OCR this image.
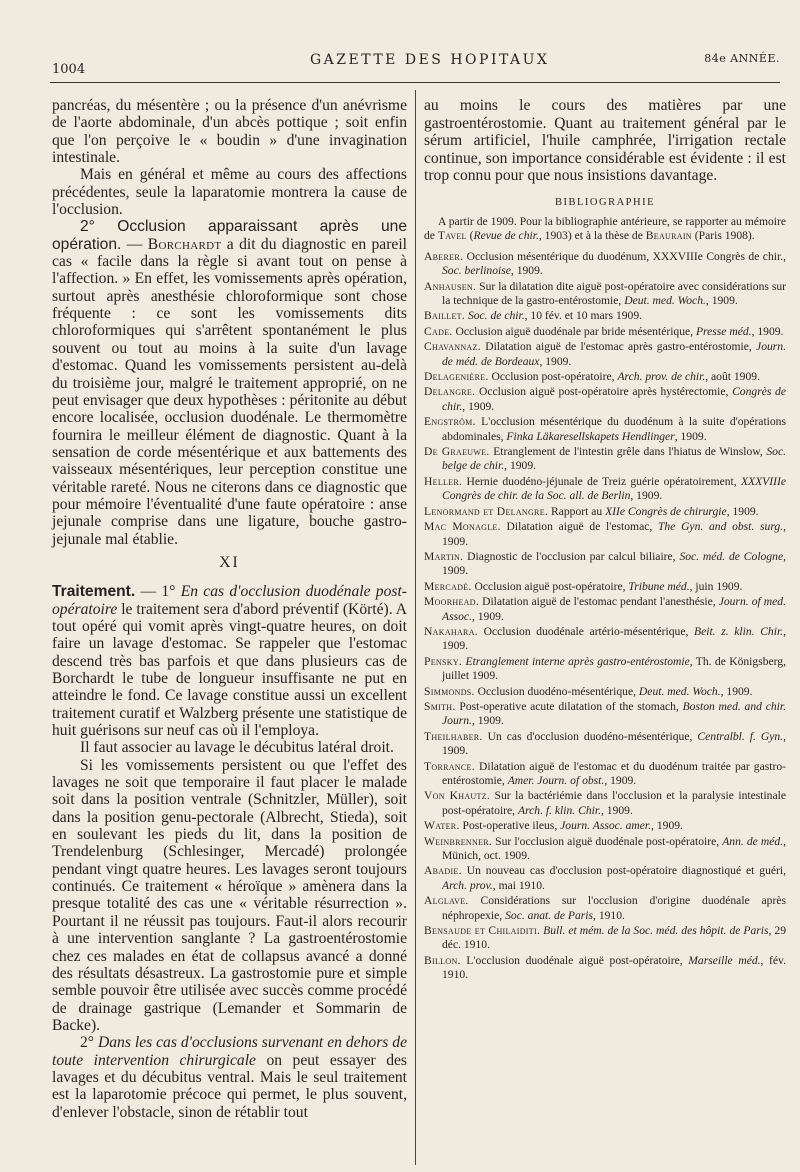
1004
GAZETTE DES HOPITAUX	84e ANNÉE.

pancréas, du mésentère ; ou la présence d'un anévrisme de l'aorte abdominale, d'un abcès pottique ; soit enfin que l'on perçoive le « boudin » d'une invagination intestinale.

Mais en général et même au cours des affections précédentes, seule la laparatomie montrera la cause de l'occlusion.

2° Occlusion apparaissant après une opération. — Borchardt a dit du diagnostic en pareil cas « facile dans la règle si avant tout on pense à l'affection. » En effet, les vomissements après opération, surtout après anesthésie chloroformique sont chose fréquente : ce sont les vomissements dits chloroformiques qui s'arrêtent spontanément le plus souvent ou tout au moins à la suite d'un lavage d'estomac. Quand les vomissements persistent au-delà du troisième jour, malgré le traitement approprié, on ne peut envisager que deux hypothèses : péritonite au début encore localisée, occlusion duodénale. Le thermomètre fournira le meilleur élément de diagnostic. Quant à la sensation de corde mésentérique et aux battements des vaisseaux mésentériques, leur perception constitue une véritable rareté. Nous ne citerons dans ce diagnostic que pour mémoire l'éventualité d'une faute opératoire : anse jejunale comprise dans une ligature, bouche gastro-jejunale mal établie.

XI

Traitement. — 1° En cas d'occlusion duodénale post-opératoire le traitement sera d'abord préventif (Körté). A tout opéré qui vomit après vingt-quatre heures, on doit faire un lavage d'estomac. Se rappeler que l'estomac descend très bas parfois et que dans plusieurs cas de Borchardt le tube de longueur insuffisante ne put en atteindre le fond. Ce lavage constitue aussi un excellent traitement curatif et Walzberg présente une statistique de huit guérisons sur neuf cas où il l'employa.

Il faut associer au lavage le décubitus latéral droit.

Si les vomissements persistent ou que l'effet des lavages ne soit que temporaire il faut placer le malade soit dans la position ventrale (Schnitzler, Müller), soit dans la position genu-pectorale (Albrecht, Stieda), soit en soulevant les pieds du lit, dans la position de Trendelenburg (Schlesinger, Mercadé) prolongée pendant vingt quatre heures. Les lavages seront toujours continués. Ce traitement « héroïque » amènera dans la presque totalité des cas une « véritable résurrection ». Pourtant il ne réussit pas toujours. Faut-il alors recourir à une intervention sanglante ? La gastroentérostomie chez ces malades en état de collapsus avancé a donné des résultats désastreux. La gastrostomie pure et simple semble pouvoir être utilisée avec succès comme procédé de drainage gastrique (Lemander et Sommarin de Backe).

2° Dans les cas d'occlusions survenant en dehors de toute intervention chirurgicale on peut essayer des lavages et du décubitus ventral. Mais le seul traitement est la laparotomie précoce qui permet, le plus souvent, d'enlever l'obstacle, sinon de rétablir tout

au moins le cours des matières par une gastroentérostomie. Quant au traitement général par le sérum artificiel, l'huile camphrée, l'irrigation rectale continue, son importance considérable est évidente : il est trop connu pour que nous insistions davantage.

BIBLIOGRAPHIE

A partir de 1909. Pour la bibliographie antérieure, se rapporter au mémoire de Tavel (Revue de chir., 1903) et à la thèse de Beaurain (Paris 1908).

Aberer. Occlusion mésentérique du duodénum, XXXVIIIe Congrès de chir., Soc. berlinoise, 1909.
Anhausen. Sur la dilatation dite aiguë post-opératoire avec considérations sur la technique de la gastro-entérostomie, Deut. med. Woch., 1909.
Baillet. Soc. de chir., 10 fév. et 10 mars 1909.
Cade. Occlusion aiguë duodénale par bride mésentérique, Presse méd., 1909.
Chavannaz. Dilatation aiguë de l'estomac après gastro-entérostomie, Journ. de méd. de Bordeaux, 1909.
Delagenière. Occlusion post-opératoire, Arch. prov. de chir., août 1909.
Delangre. Occlusion aiguë post-opératoire après hystérectomie, Congrès de chir., 1909.
Engström. L'occlusion mésentérique du duodénum à la suite d'opérations abdominales, Finka Läkaresellskapets Hendlinger, 1909.
De Graeuwe. Etranglement de l'intestin grêle dans l'hiatus de Winslow, Soc. belge de chir., 1909.
Heller. Hernie duodéno-jéjunale de Treiz guérie opératoirement, XXXVIIIe Congrès de chir. de la Soc. all. de Berlin, 1909.
Lenormand et Delangre. Rapport au XIIe Congrès de chirurgie, 1909.
Mac Monagle. Dilatation aiguë de l'estomac, The Gyn. and obst. surg., 1909.
Martin. Diagnostic de l'occlusion par calcul biliaire, Soc. méd. de Cologne, 1909.
Mercadé. Occlusion aiguë post-opératoire, Tribune méd., juin 1909.
Moorhead. Dilatation aiguë de l'estomac pendant l'anesthésie, Journ. of med. Assoc., 1909.
Nakahara. Occlusion duodénale artério-mésentérique, Beit. z. klin. Chir., 1909.
Pensky. Etranglement interne après gastro-entérostomie, Th. de Königsberg, juillet 1909.
Simmonds. Occlusion duodéno-mésentérique, Deut. med. Woch., 1909.
Smith. Post-operative acute dilatation of the stomach, Boston med. and chir. Journ., 1909.
Theilhaber. Un cas d'occlusion duodéno-mésentérique, Centralbl. f. Gyn., 1909.
Torrance. Dilatation aiguë de l'estomac et du duodénum traitée par gastro-entérostomie, Amer. Journ. of obst., 1909.
Von Khautz. Sur la bactériémie dans l'occlusion et la paralysie intestinale post-opératoire, Arch. f. klin. Chir., 1909.
Water. Post-operative ileus, Journ. Assoc. amer., 1909.
Weinbrenner. Sur l'occlusion aiguë duodénale post-opératoire, Ann. de méd., Münich, oct. 1909.
Abadie. Un nouveau cas d'occlusion post-opératoire diagnostiqué et guéri, Arch. prov., mai 1910.
Alglave. Considérations sur l'occlusion d'origine duodénale après néphropexie, Soc. anat. de Paris, 1910.
Bensaude et Chilaiditi. Bull. et mém. de la Soc. méd. des hôpit. de Paris, 29 déc. 1910.
Billon. L'occlusion duodénale aiguë post-opératoire, Marseille méd., fév. 1910.
